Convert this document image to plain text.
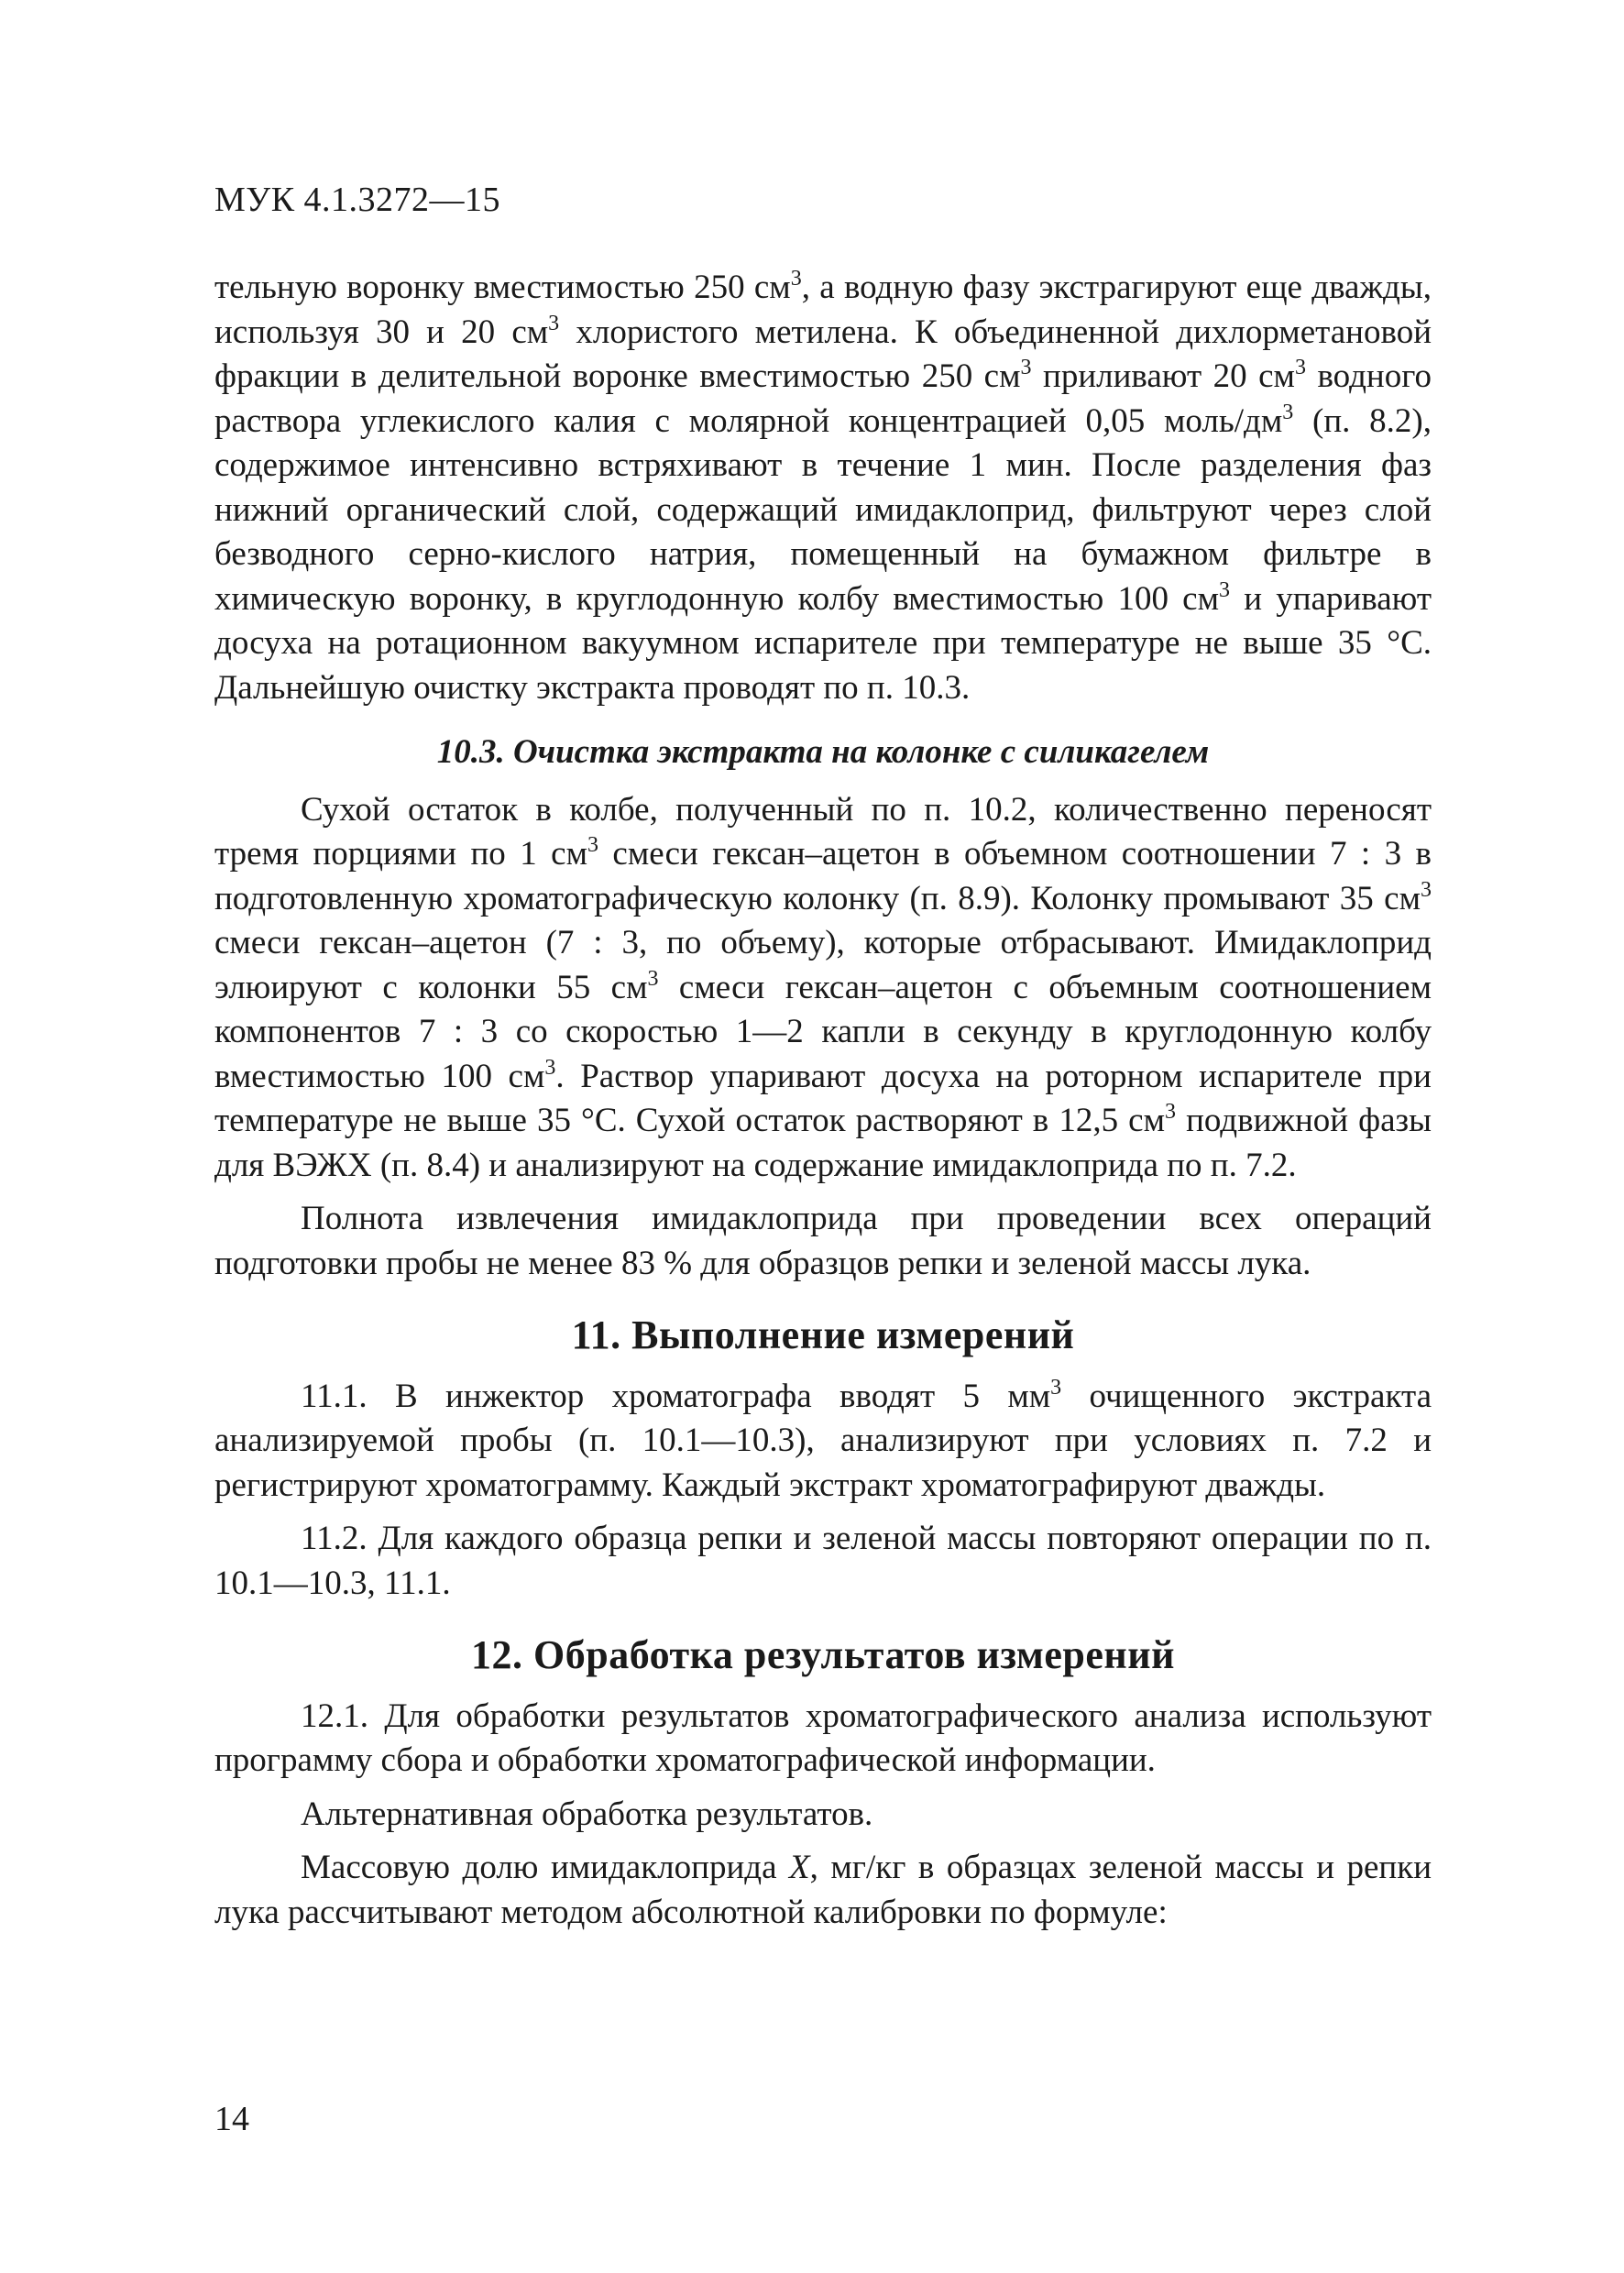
МУК 4.1.3272—15

тельную воронку вместимостью 250 $см^3$, а водную фазу экстрагируют еще дважды, используя 30 и 20 $см^3$ хлористого метилена. К объединенной дихлорметановой фракции в делительной воронке вместимостью 250 $см^3$ приливают 20 $см^3$ водного раствора углекислого калия с молярной концентрацией 0,05 моль/$дм^3$ (п. 8.2), содержимое интенсивно встряхивают в течение 1 мин. После разделения фаз нижний органический слой, содержащий имидаклоприд, фильтруют через слой безводного серно-кислого натрия, помещенный на бумажном фильтре в химическую воронку, в круглодонную колбу вместимостью 100 $см^3$ и упаривают досуха на ротационном вакуумном испарителе при температуре не выше 35 °С. Дальнейшую очистку экстракта проводят по п. 10.3.

10.3. Очистка экстракта на колонке с силикагелем

Сухой остаток в колбе, полученный по п. 10.2, количественно переносят тремя порциями по 1 $см^3$ смеси гексан–ацетон в объемном соотношении 7 : 3 в подготовленную хроматографическую колонку (п. 8.9). Колонку промывают 35 $см^3$ смеси гексан–ацетон (7 : 3, по объему), которые отбрасывают. Имидаклоприд элюируют с колонки 55 $см^3$ смеси гексан–ацетон с объемным соотношением компонентов 7 : 3 со скоростью 1—2 капли в секунду в круглодонную колбу вместимостью 100 $см^3$. Раствор упаривают досуха на роторном испарителе при температуре не выше 35 °С. Сухой остаток растворяют в 12,5 $см^3$ подвижной фазы для ВЭЖХ (п. 8.4) и анализируют на содержание имидаклоприда по п. 7.2.

Полнота извлечения имидаклоприда при проведении всех операций подготовки пробы не менее 83 % для образцов репки и зеленой массы лука.

11. Выполнение измерений

11.1. В инжектор хроматографа вводят 5 $мм^3$ очищенного экстракта анализируемой пробы (п. 10.1—10.3), анализируют при условиях п. 7.2 и регистрируют хроматограмму. Каждый экстракт хроматографируют дважды.

11.2. Для каждого образца репки и зеленой массы повторяют операции по п. 10.1—10.3, 11.1.

12. Обработка результатов измерений

12.1. Для обработки результатов хроматографического анализа используют программу сбора и обработки хроматографической информации.

Альтернативная обработка результатов.

Массовую долю имидаклоприда X, мг/кг в образцах зеленой массы и репки лука рассчитывают методом абсолютной калибровки по формуле:

14
